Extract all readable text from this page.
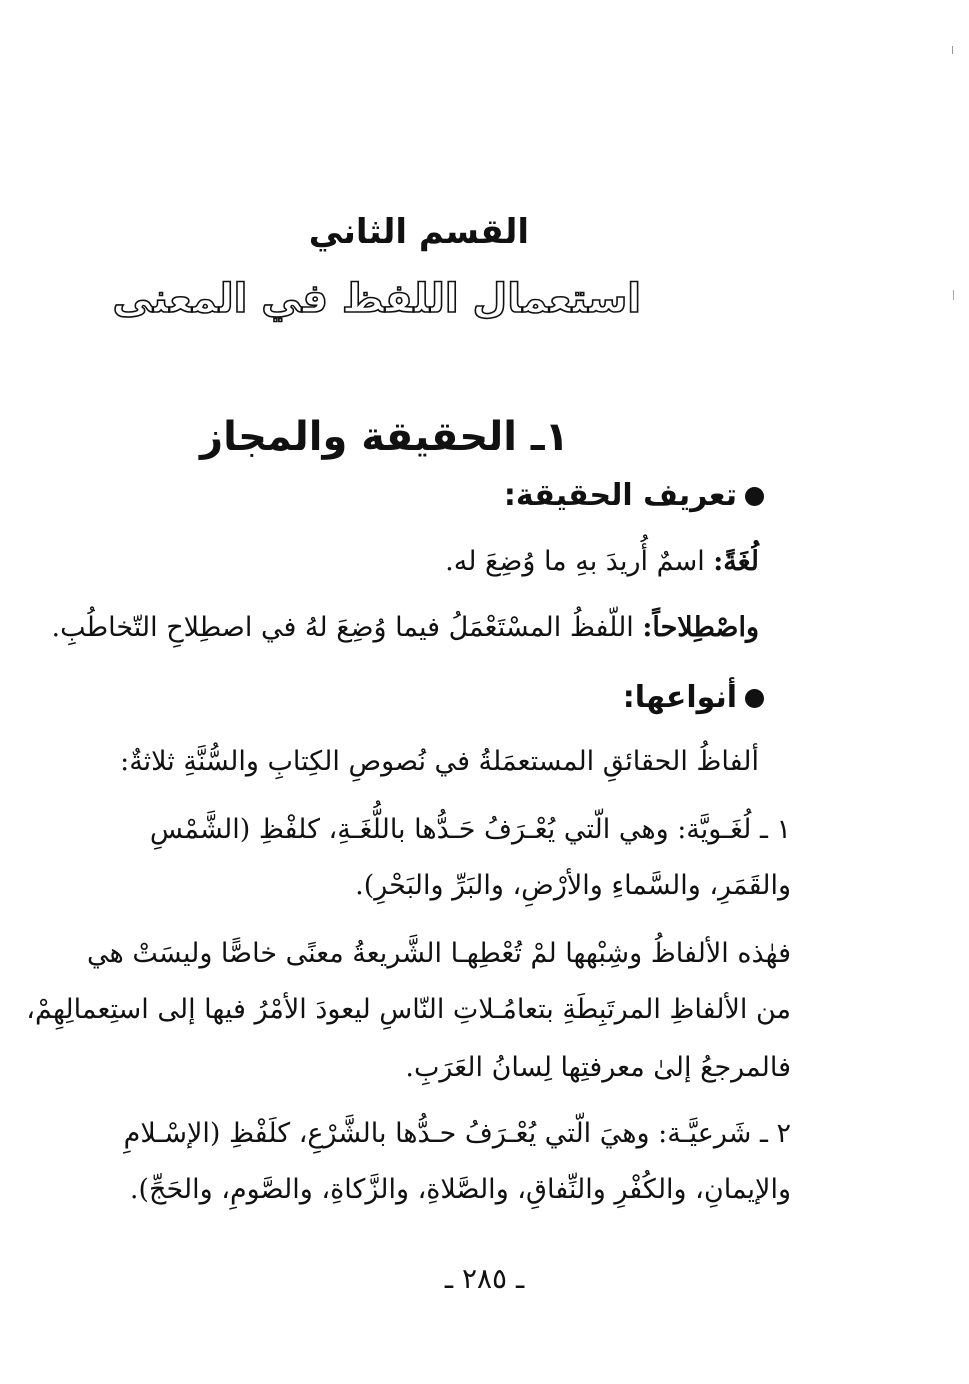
القسم الثاني
استعمال اللفظ في المعنى
١ـ الحقيقة والمجاز
تعريف الحقيقة:
لُغَةً: اسمٌ أُريدَ بهِ ما وُضِعَ له.
واصْطِلاحاً: اللّفظُ المسْتَعْمَلُ فيما وُضِعَ لهُ في اصطِلاحِ التّخاطُبِ.
أنواعها:
ألفاظُ الحقائقِ المستعمَلةُ في نُصوصِ الكِتابِ والسُّنَّةِ ثلاثةٌ:
١ ـ لُغَـويَّة: وهي الّتي يُعْـرَفُ حَـدُّها باللُّغَـةِ، كلفْظِ (الشَّمْسِ
والقَمَرِ، والسَّماءِ والأرْضِ، والبَرِّ والبَحْرِ).
فهٰذه الألفاظُ وشِبْهها لمْ تُعْطِهـا الشَّريعةُ معنًى خاصًّا وليسَتْ هي
من الألفاظِ المرتَبِطَةِ بتعامُـلاتِ النّاسِ ليعودَ الأمْرُ فيها إلى استِعمالِهِمْ،
فالمرجعُ إلىٰ معرفتِها لِسانُ العَرَبِ.
٢ ـ شَرعيَّـة: وهيَ الّتي يُعْـرَفُ حـدُّها بالشَّرْعِ، كلَفْظِ (الإسْـلامِ
والإيمانِ، والكُفْرِ والنِّفاقِ، والصَّلاةِ، والزَّكاةِ، والصَّومِ، والحَجِّ).
ـ ٢٨٥ ـ
